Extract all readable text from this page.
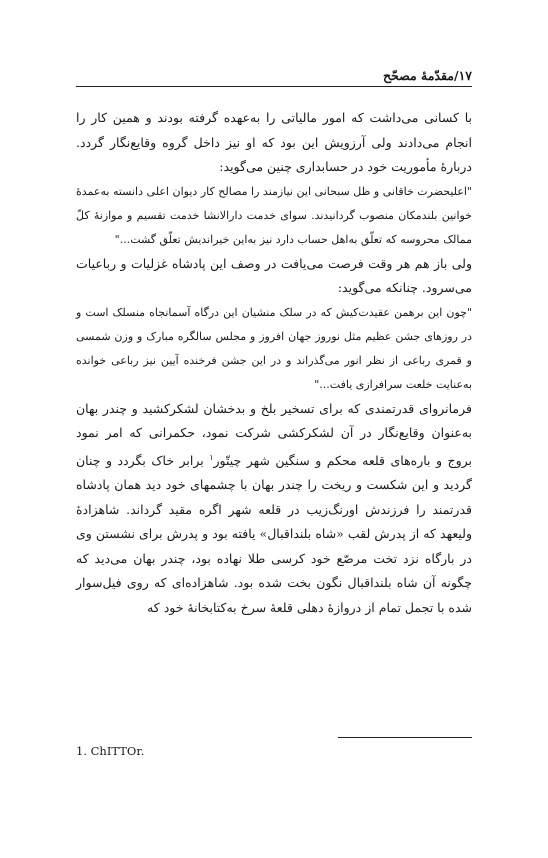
۱۷/مقدّمهٔ مصحّح

با کسانی می‌داشت که امور مالیاتی را به‌عهده گرفته بودند و همین کار را انجام می‌دادند ولی آرزویش این بود که او نیز داخل گروه وقایع‌نگار گردد. دربارهٔ مأموریت خود در حسابداری چنین می‌گوید:

"اعلیحضرت خاقانی و ظل سبحانی این نیازمند را مصالح کار دیوان اعلی دانسته به‌عمدهٔ خوانین بلندمکان منصوب گردانیدند. سوای خدمت دارالانشا خدمت تقسیم و موازنهٔ کلّ ممالک محروسه که تعلّق به‌اهل حساب دارد نیز به‌این خیراندیش تعلّق گشت..."

ولی باز هم هر وقت فرصت می‌یافت در وصف این پادشاه غزلیات و رباعیات می‌سرود. چنانکه می‌گوید:

"چون این برهمن عقیدت‌کیش که در سلک منشیان این درگاه آسمانجاه منسلک است و در روزهای جشن عظیم مثل نوروز جهان افروز و مجلس سالگره مبارک و وزن شمسی و قمری رباعی از نظر انور می‌گذراند و در این جشن فرخنده آیین نیز رباعی خوانده به‌عنایت خلعت سرافرازی یافت..."

فرمانروای قدرتمندی که برای تسخیر بلخ و بدخشان لشکرکشید و چندر بهان به‌عنوان وقایع‌نگار در آن لشکرکشی شرکت نمود، حکمرانی که امر نمود بروج و باره‌های قلعه محکم و سنگین شهر چیتّور$^۱$ برابر خاک بگردد و چنان گردید و این شکست و ریخت را چندر بهان با چشمهای خود دید همان پادشاه قدرتمند را فرزندش اورنگ‌زیب در قلعه شهر اگره مقید گرداند. شاهزادهٔ ولیعهد که از پدرش لقب «شاه بلنداقبال» یافته بود و پدرش برای نشستن وی در بارگاه نزد تخت مرصّع خود کرسی طلا نهاده بود، چندر بهان می‌دید که چگونه آن شاه بلنداقبال نگون بخت شده بود. شاهزاده‌ای که روی فیل‌سوار شده با تجمل تمام از دروازهٔ دهلی قلعهٔ سرخ به‌کتابخانهٔ خود که

1. ChITTOr.
